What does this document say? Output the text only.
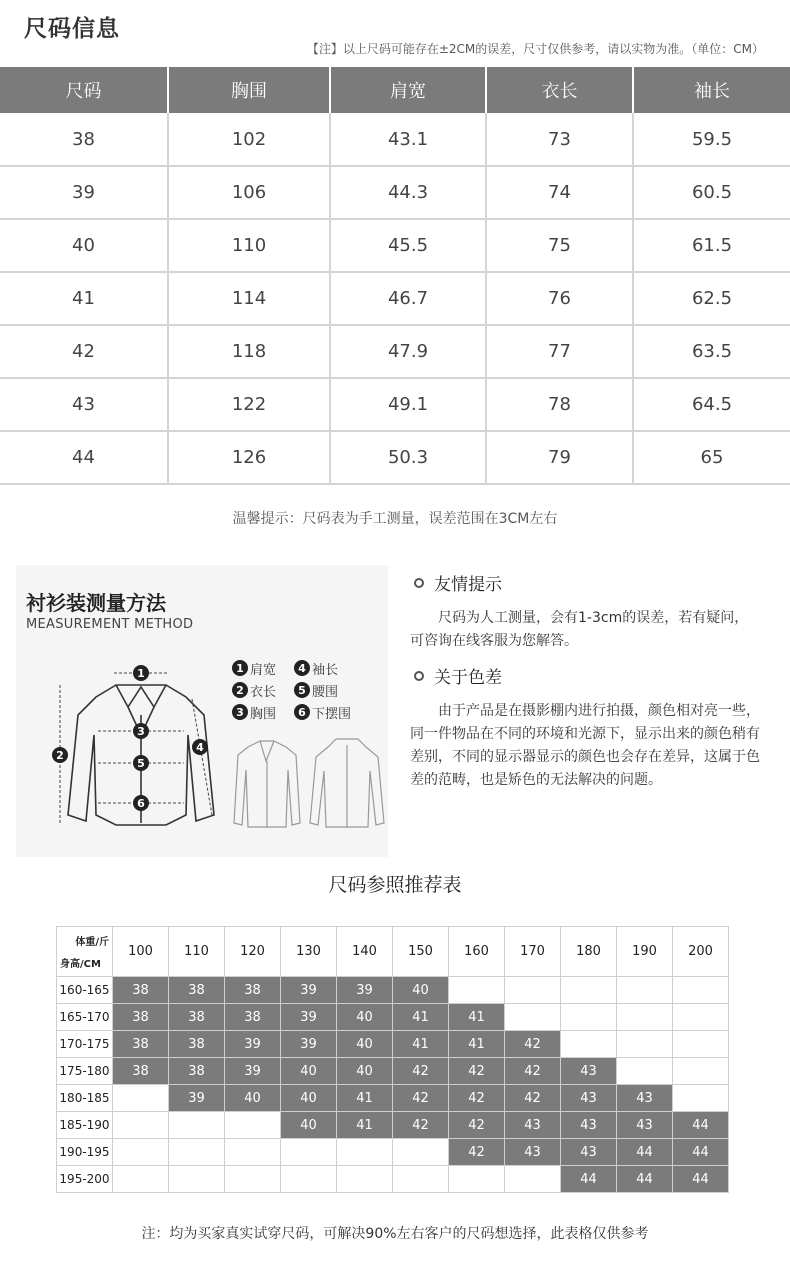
尺码信息
【注】以上尺码可能存在±2CM的误差，尺寸仅供参考，请以实物为准。（单位：CM）
尺码	胸围	肩宽	衣长	袖长
38	102	43.1	73	59.5
39	106	44.3	74	60.5
40	110	45.5	75	61.5
41	114	46.7	76	62.5
42	118	47.9	77	63.5
43	122	49.1	78	64.5
44	126	50.3	79	65
温馨提示：尺码表为手工测量，误差范围在3CM左右
衬衫装测量方法
MEASUREMENT METHOD
1
2
3
4
5
6
1 肩宽	4 袖长
2 衣长	5 腰围
3 胸围	6 下摆围
友情提示
尺码为人工测量，会有1-3cm的误差，若有疑问，可咨询在线客服为您解答。
关于色差
由于产品是在摄影棚内进行拍摄，颜色相对亮一些，同一件物品在不同的环境和光源下，显示出来的颜色稍有差别，不同的显示器显示的颜色也会存在差异，这属于色差的范畴，也是矫色的无法解决的问题。
尺码参照推荐表
体重/斤
身高/CM	100	110	120	130	140	150	160	170	180	190	200
160-165	38	38	38	39	39	40					
165-170	38	38	38	39	40	41	41				
170-175	38	38	39	39	40	41	41	42			
175-180	38	38	39	40	40	42	42	42	43		
180-185		39	40	40	41	42	42	42	43	43	
185-190				40	41	42	42	43	43	43	44
190-195							42	43	43	44	44
195-200									44	44	44
注：均为买家真实试穿尺码，可解决90%左右客户的尺码想选择，此表格仅供参考
